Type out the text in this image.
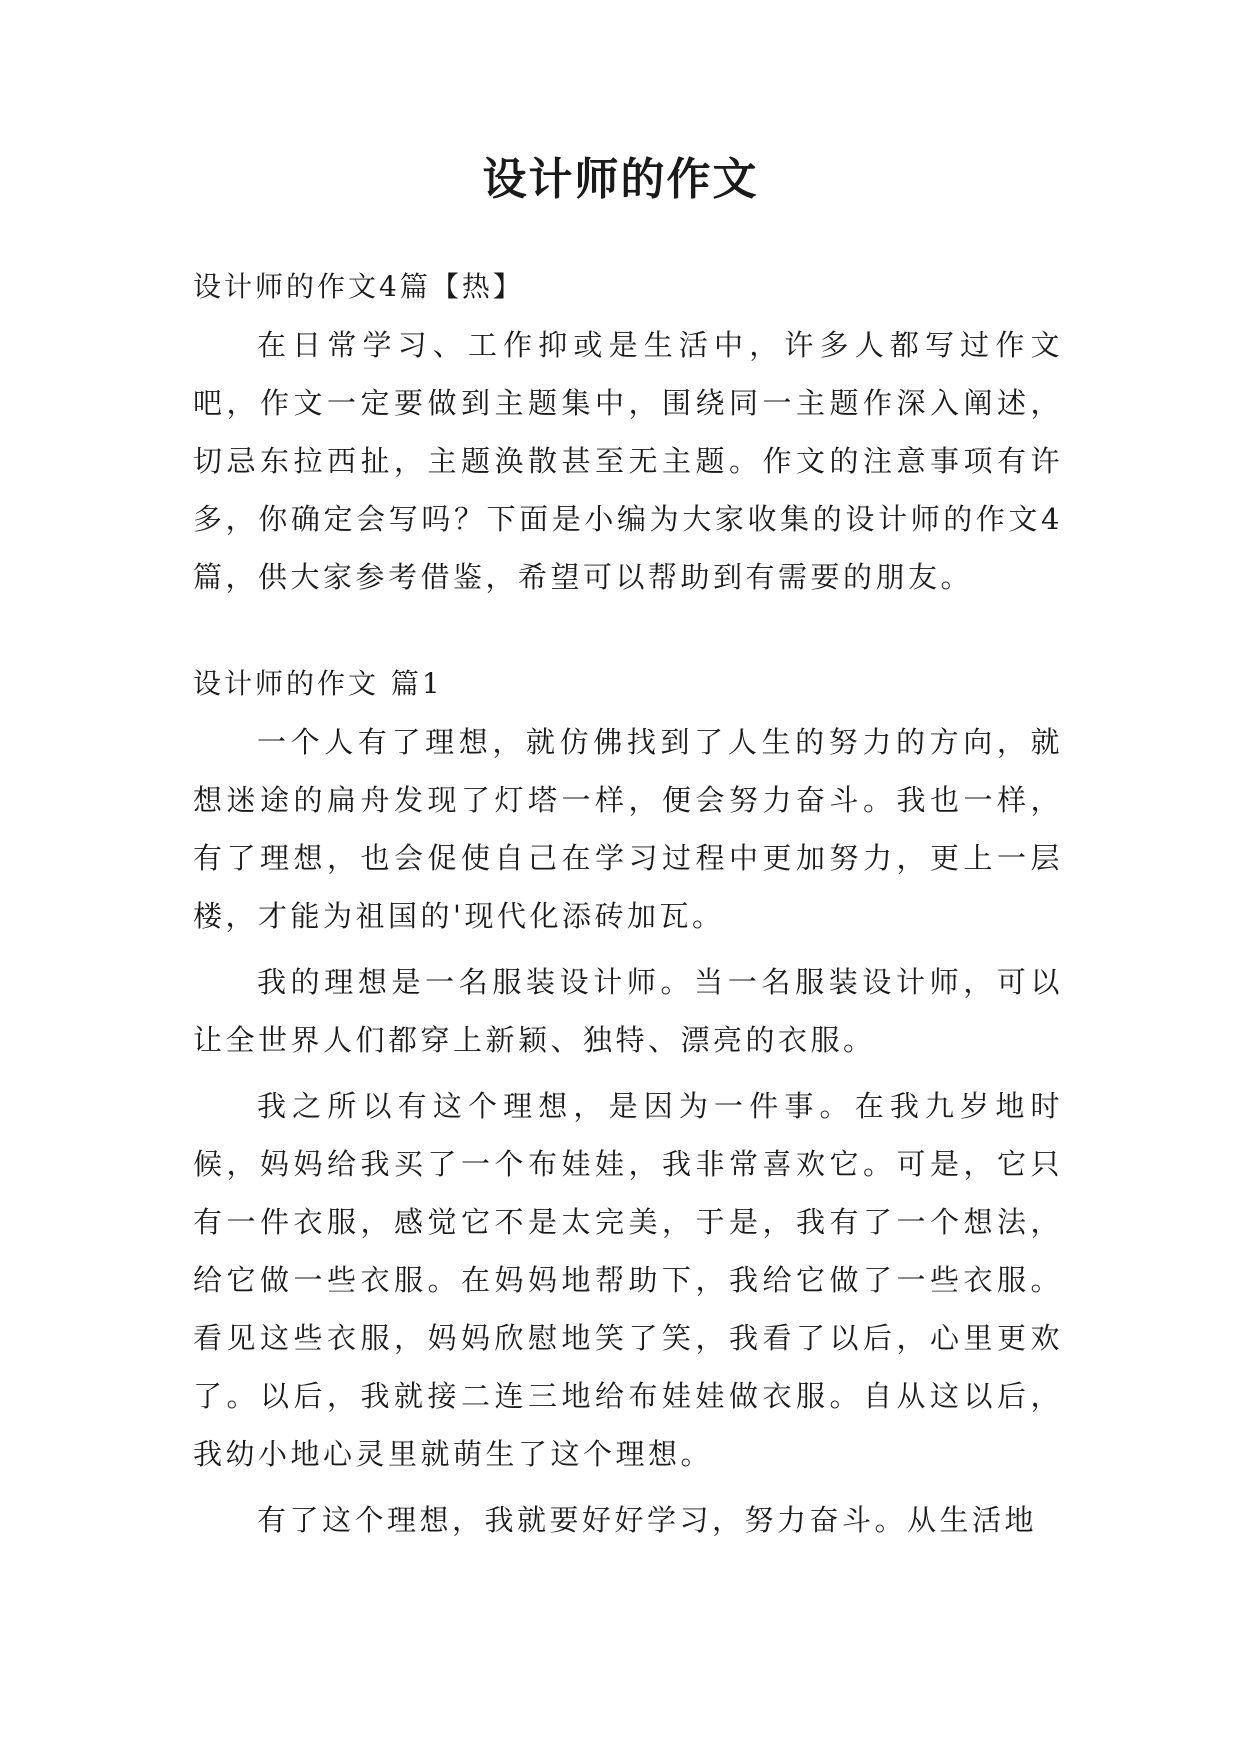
设计师的作文

设计师的作文4篇【热】

在日常学习、工作抑或是生活中，许多人都写过作文吧，作文一定要做到主题集中，围绕同一主题作深入阐述，切忌东拉西扯，主题涣散甚至无主题。作文的注意事项有许多，你确定会写吗？下面是小编为大家收集的设计师的作文4篇，供大家参考借鉴，希望可以帮助到有需要的朋友。

设计师的作文 篇1

一个人有了理想，就仿佛找到了人生的努力的方向，就想迷途的扁舟发现了灯塔一样，便会努力奋斗。我也一样，有了理想，也会促使自己在学习过程中更加努力，更上一层楼，才能为祖国的'现代化添砖加瓦。

我的理想是一名服装设计师。当一名服装设计师，可以让全世界人们都穿上新颖、独特、漂亮的衣服。

我之所以有这个理想，是因为一件事。在我九岁地时候，妈妈给我买了一个布娃娃，我非常喜欢它。可是，它只有一件衣服，感觉它不是太完美，于是，我有了一个想法，给它做一些衣服。在妈妈地帮助下，我给它做了一些衣服。看见这些衣服，妈妈欣慰地笑了笑，我看了以后，心里更欢了。以后，我就接二连三地给布娃娃做衣服。自从这以后，我幼小地心灵里就萌生了这个理想。

有了这个理想，我就要好好学习，努力奋斗。从生活地
